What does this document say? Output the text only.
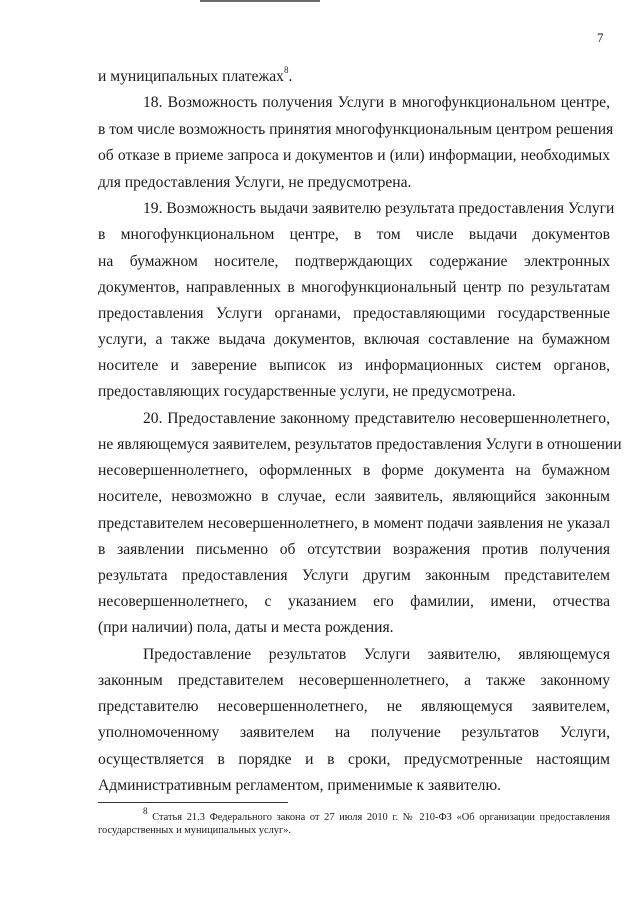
7
и муниципальных платежах$^8$.
18. Возможность получения Услуги в многофункциональном центре,
в том числе возможность принятия многофункциональным центром решения
об отказе в приеме запроса и документов и (или) информации, необходимых
для предоставления Услуги, не предусмотрена.
19. Возможность выдачи заявителю результата предоставления Услуги
в многофункциональном центре, в том числе выдачи документов
на бумажном носителе, подтверждающих содержание электронных
документов, направленных в многофункциональный центр по результатам
предоставления Услуги органами, предоставляющими государственные
услуги, а также выдача документов, включая составление на бумажном
носителе и заверение выписок из информационных систем органов,
предоставляющих государственные услуги, не предусмотрена.
20. Предоставление законному представителю несовершеннолетнего,
не являющемуся заявителем, результатов предоставления Услуги в отношении
несовершеннолетнего, оформленных в форме документа на бумажном
носителе, невозможно в случае, если заявитель, являющийся законным
представителем несовершеннолетнего, в момент подачи заявления не указал
в заявлении письменно об отсутствии возражения против получения
результата предоставления Услуги другим законным представителем
несовершеннолетнего, с указанием его фамилии, имени, отчества
(при наличии) пола, даты и места рождения.
Предоставление результатов Услуги заявителю, являющемуся
законным представителем несовершеннолетнего, а также законному
представителю несовершеннолетнего, не являющемуся заявителем,
уполномоченному заявителем на получение результатов Услуги,
осуществляется в порядке и в сроки, предусмотренные настоящим
Административным регламентом, применимые к заявителю.
$^8$ Статья 21.3 Федерального закона от 27 июля 2010 г. № 210-ФЗ «Об организации предоставления
государственных и муниципальных услуг».
